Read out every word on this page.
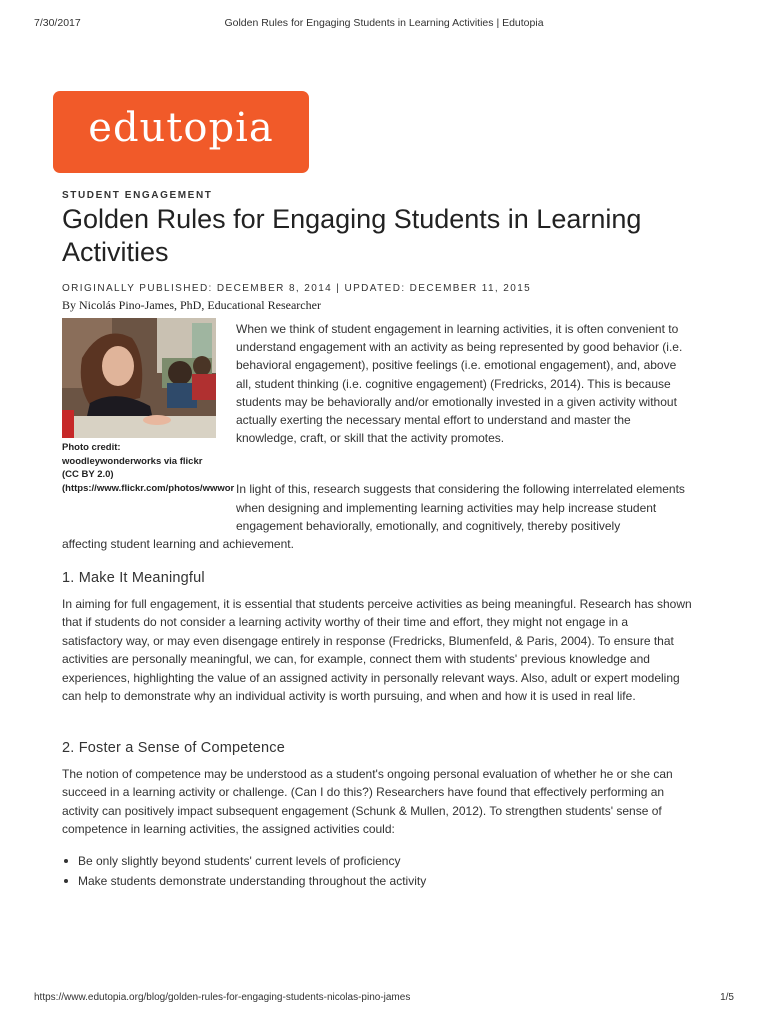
7/30/2017	Golden Rules for Engaging Students in Learning Activities | Edutopia
edutopia
STUDENT ENGAGEMENT
Golden Rules for Engaging Students in Learning Activities
ORIGINALLY PUBLISHED: DECEMBER 8, 2014 | UPDATED: DECEMBER 11, 2015
By Nicolás Pino-James, PhD, Educational Researcher
Photo credit:
woodleywonderworks via flickr
(CC BY 2.0)
(https://www.flickr.com/photos/wwwor

When we think of student engagement in learning activities, it is often convenient to understand engagement with an activity as being represented by good behavior (i.e. behavioral engagement), positive feelings (i.e. emotional engagement), and, above all, student thinking (i.e. cognitive engagement) (Fredricks, 2014). This is because students may be behaviorally and/or emotionally invested in a given activity without actually exerting the necessary mental effort to understand and master the knowledge, craft, or skill that the activity promotes.

In light of this, research suggests that considering the following interrelated elements when designing and implementing learning activities may help increase student engagement behaviorally, emotionally, and cognitively, thereby positively

affecting student learning and achievement.

1. Make It Meaningful

In aiming for full engagement, it is essential that students perceive activities as being meaningful. Research has shown that if students do not consider a learning activity worthy of their time and effort, they might not engage in a satisfactory way, or may even disengage entirely in response (Fredricks, Blumenfeld, & Paris, 2004). To ensure that activities are personally meaningful, we can, for example, connect them with students' previous knowledge and experiences, highlighting the value of an assigned activity in personally relevant ways. Also, adult or expert modeling can help to demonstrate why an individual activity is worth pursuing, and when and how it is used in real life.

2. Foster a Sense of Competence

The notion of competence may be understood as a student's ongoing personal evaluation of whether he or she can succeed in a learning activity or challenge. (Can I do this?) Researchers have found that effectively performing an activity can positively impact subsequent engagement (Schunk & Mullen, 2012). To strengthen students' sense of competence in learning activities, the assigned activities could:

Be only slightly beyond students' current levels of proficiency
Make students demonstrate understanding throughout the activity
https://www.edutopia.org/blog/golden-rules-for-engaging-students-nicolas-pino-james	1/5
